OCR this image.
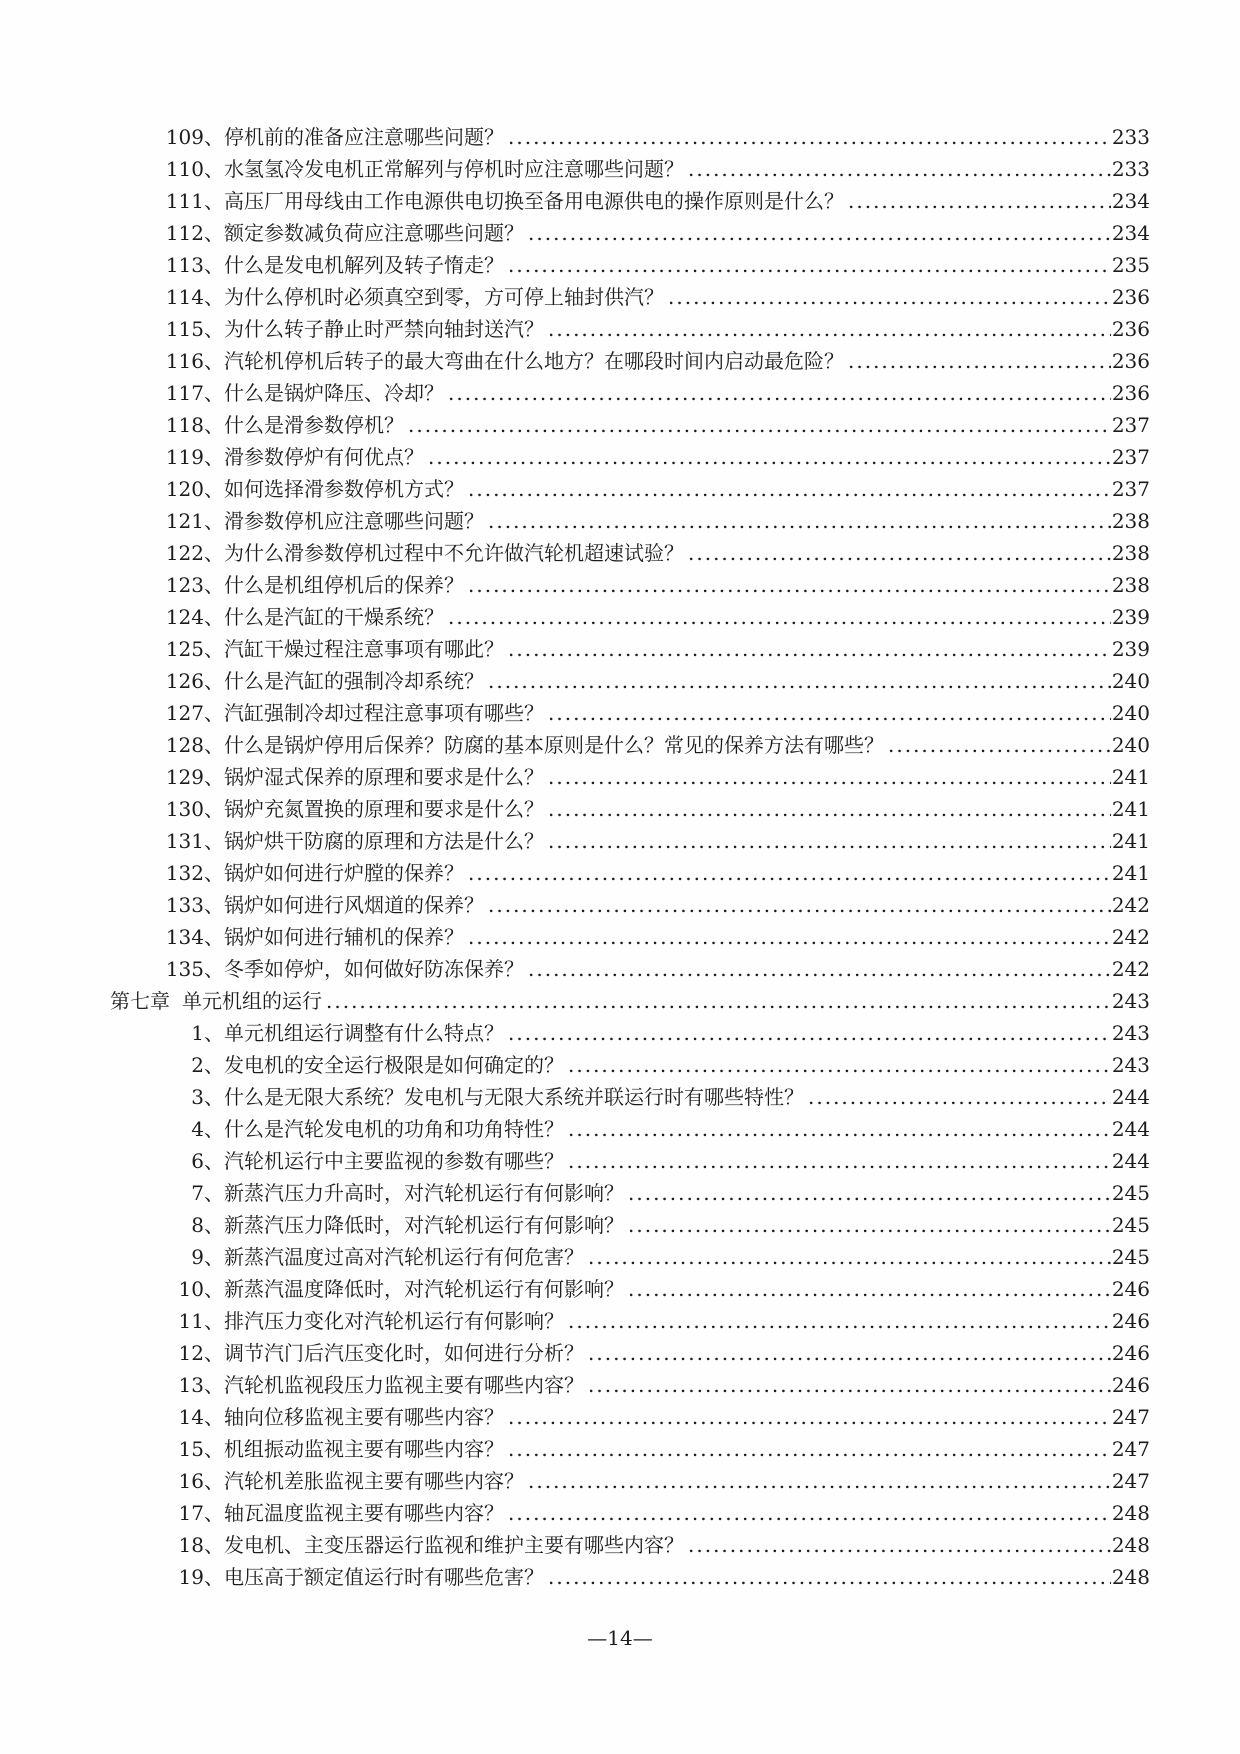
109、 停机前的准备应注意哪些问题？ .....	233
110、 水氢氢冷发电机正常解列与停机时应注意哪些问题？ .....	233
111、 高压厂用母线由工作电源供电切换至备用电源供电的操作原则是什么？ .....	234
112、 额定参数减负荷应注意哪些问题？ .....	234
113、 什么是发电机解列及转子惰走？ .....	235
114、 为什么停机时必须真空到零，方可停上轴封供汽？ .....	236
115、 为什么转子静止时严禁向轴封送汽？ .....	236
116、 汽轮机停机后转子的最大弯曲在什么地方？在哪段时间内启动最危险？ .....	236
117、 什么是锅炉降压、冷却？ .....	236
118、 什么是滑参数停机？ .....	237
119、 滑参数停炉有何优点？ .....	237
120、 如何选择滑参数停机方式？ .....	237
121、 滑参数停机应注意哪些问题？ .....	238
122、 为什么滑参数停机过程中不允许做汽轮机超速试验？ .....	238
123、 什么是机组停机后的保养？ .....	238
124、 什么是汽缸的干燥系统？ .....	239
125、 汽缸干燥过程注意事项有哪此？ .....	239
126、 什么是汽缸的强制冷却系统？ .....	240
127、 汽缸强制冷却过程注意事项有哪些？ .....	240
128、 什么是锅炉停用后保养？防腐的基本原则是什么？常见的保养方法有哪些？ .....	240
129、 锅炉湿式保养的原理和要求是什么？ .....	241
130、 锅炉充氮置换的原理和要求是什么？ .....	241
131、 锅炉烘干防腐的原理和方法是什么？ .....	241
132、 锅炉如何进行炉膛的保养？ .....	241
133、 锅炉如何进行风烟道的保养？ .....	242
134、 锅炉如何进行辅机的保养？ .....	242
135、 冬季如停炉，如何做好防冻保养？ .....	242
第七章 单元机组的运行 .....	243
1、 单元机组运行调整有什么特点？ .....	243
2、 发电机的安全运行极限是如何确定的？ .....	243
3、 什么是无限大系统？发电机与无限大系统并联运行时有哪些特性？ .....	244
4、 什么是汽轮发电机的功角和功角特性？ .....	244
6、 汽轮机运行中主要监视的参数有哪些？ .....	244
7、 新蒸汽压力升高时，对汽轮机运行有何影响？ .....	245
8、 新蒸汽压力降低时，对汽轮机运行有何影响？ .....	245
9、 新蒸汽温度过高对汽轮机运行有何危害？ .....	245
10、 新蒸汽温度降低时，对汽轮机运行有何影响？ .....	246
11、 排汽压力变化对汽轮机运行有何影响？ .....	246
12、 调节汽门后汽压变化时，如何进行分析？ .....	246
13、 汽轮机监视段压力监视主要有哪些内容？ .....	246
14、 轴向位移监视主要有哪些内容？ .....	247
15、 机组振动监视主要有哪些内容？ .....	247
16、 汽轮机差胀监视主要有哪些内容？ .....	247
17、 轴瓦温度监视主要有哪些内容？ .....	248
18、 发电机、主变压器运行监视和维护主要有哪些内容？ .....	248
19、 电压高于额定值运行时有哪些危害？ .....	248
—14—
